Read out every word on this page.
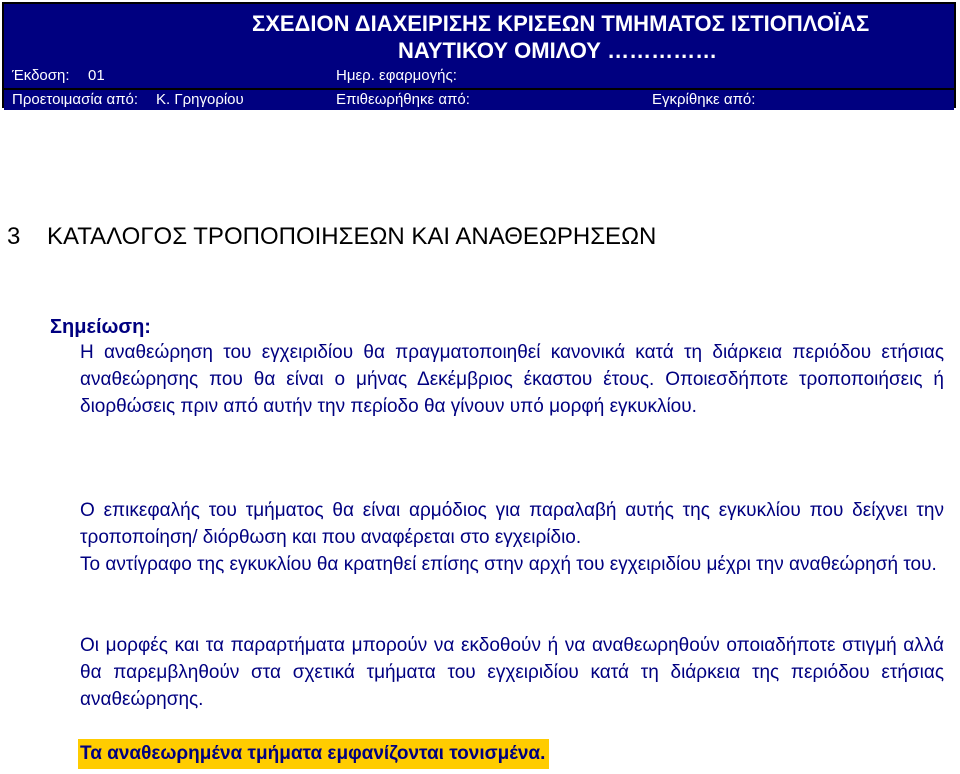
ΣΧΕΔΙΟΝ ΔΙΑΧΕΙΡΙΣΗΣ ΚΡΙΣΕΩΝ ΤΜΗΜΑΤΟΣ ΙΣΤΙΟΠΛΟΪΑΣ
ΝΑΥΤΙΚΟΥ ΟΜΙΛΟΥ ……………
Έκδοση: 01	Ημερ. εφαρμογής:
Προετοιμασία από: Κ. Γρηγορίου	Επιθεωρήθηκε από:	Εγκρίθηκε από:
3 ΚΑΤΑΛΟΓΟΣ ΤΡΟΠΟΠΟΙΗΣΕΩΝ ΚΑΙ ΑΝΑΘΕΩΡΗΣΕΩΝ
Σημείωση:
Η αναθεώρηση του εγχειριδίου θα πραγματοποιηθεί κανονικά κατά τη διάρκεια περιόδου ετήσιας αναθεώρησης που θα είναι ο μήνας Δεκέμβριος έκαστου έτους. Οποιεσδήποτε τροποποιήσεις ή διορθώσεις πριν από αυτήν την περίοδο θα γίνουν υπό μορφή εγκυκλίου.
Ο επικεφαλής του τμήματος θα είναι αρμόδιος για παραλαβή αυτής της εγκυκλίου που δείχνει την τροποποίηση/ διόρθωση και που αναφέρεται στο εγχειρίδιο.
Το αντίγραφο της εγκυκλίου θα κρατηθεί επίσης στην αρχή του εγχειριδίου μέχρι την αναθεώρησή του.
Οι μορφές και τα παραρτήματα μπορούν να εκδοθούν ή να αναθεωρηθούν οποιαδήποτε στιγμή αλλά θα παρεμβληθούν στα σχετικά τμήματα του εγχειριδίου κατά τη διάρκεια της περιόδου ετήσιας αναθεώρησης.
Τα αναθεωρημένα τμήματα εμφανίζονται τονισμένα.
